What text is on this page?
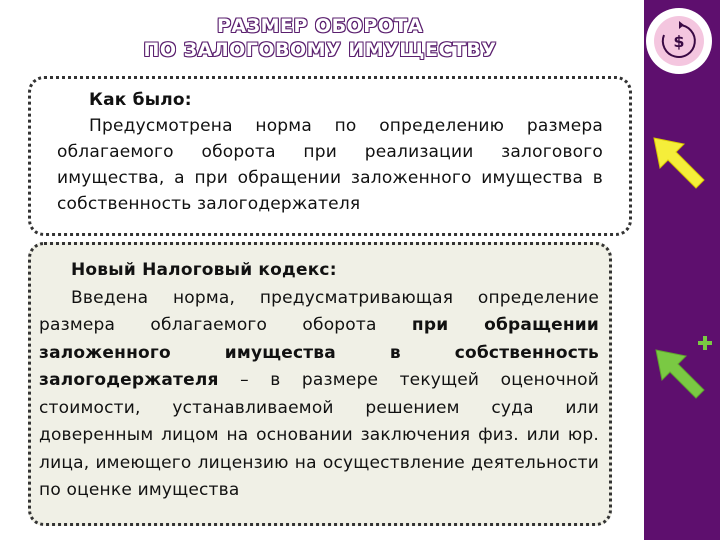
РАЗМЕР ОБОРОТА
ПО ЗАЛОГОВОМУ ИМУЩЕСТВУ
Как было:

Предусмотрена норма по определению размера облагаемого оборота при реализации залогового имущества, а при обращении заложенного имущества в собственность залогодержателя

Новый Налоговый кодекс:

Введена норма, предусматривающая определение размера облагаемого оборота при обращении заложенного имущества в собственность залогодержателя – в размере текущей оценочной стоимости, устанавливаемой решением суда или доверенным лицом на основании заключения физ. или юр. лица, имеющего лицензию на осуществление деятельности по оценке имущества

$
